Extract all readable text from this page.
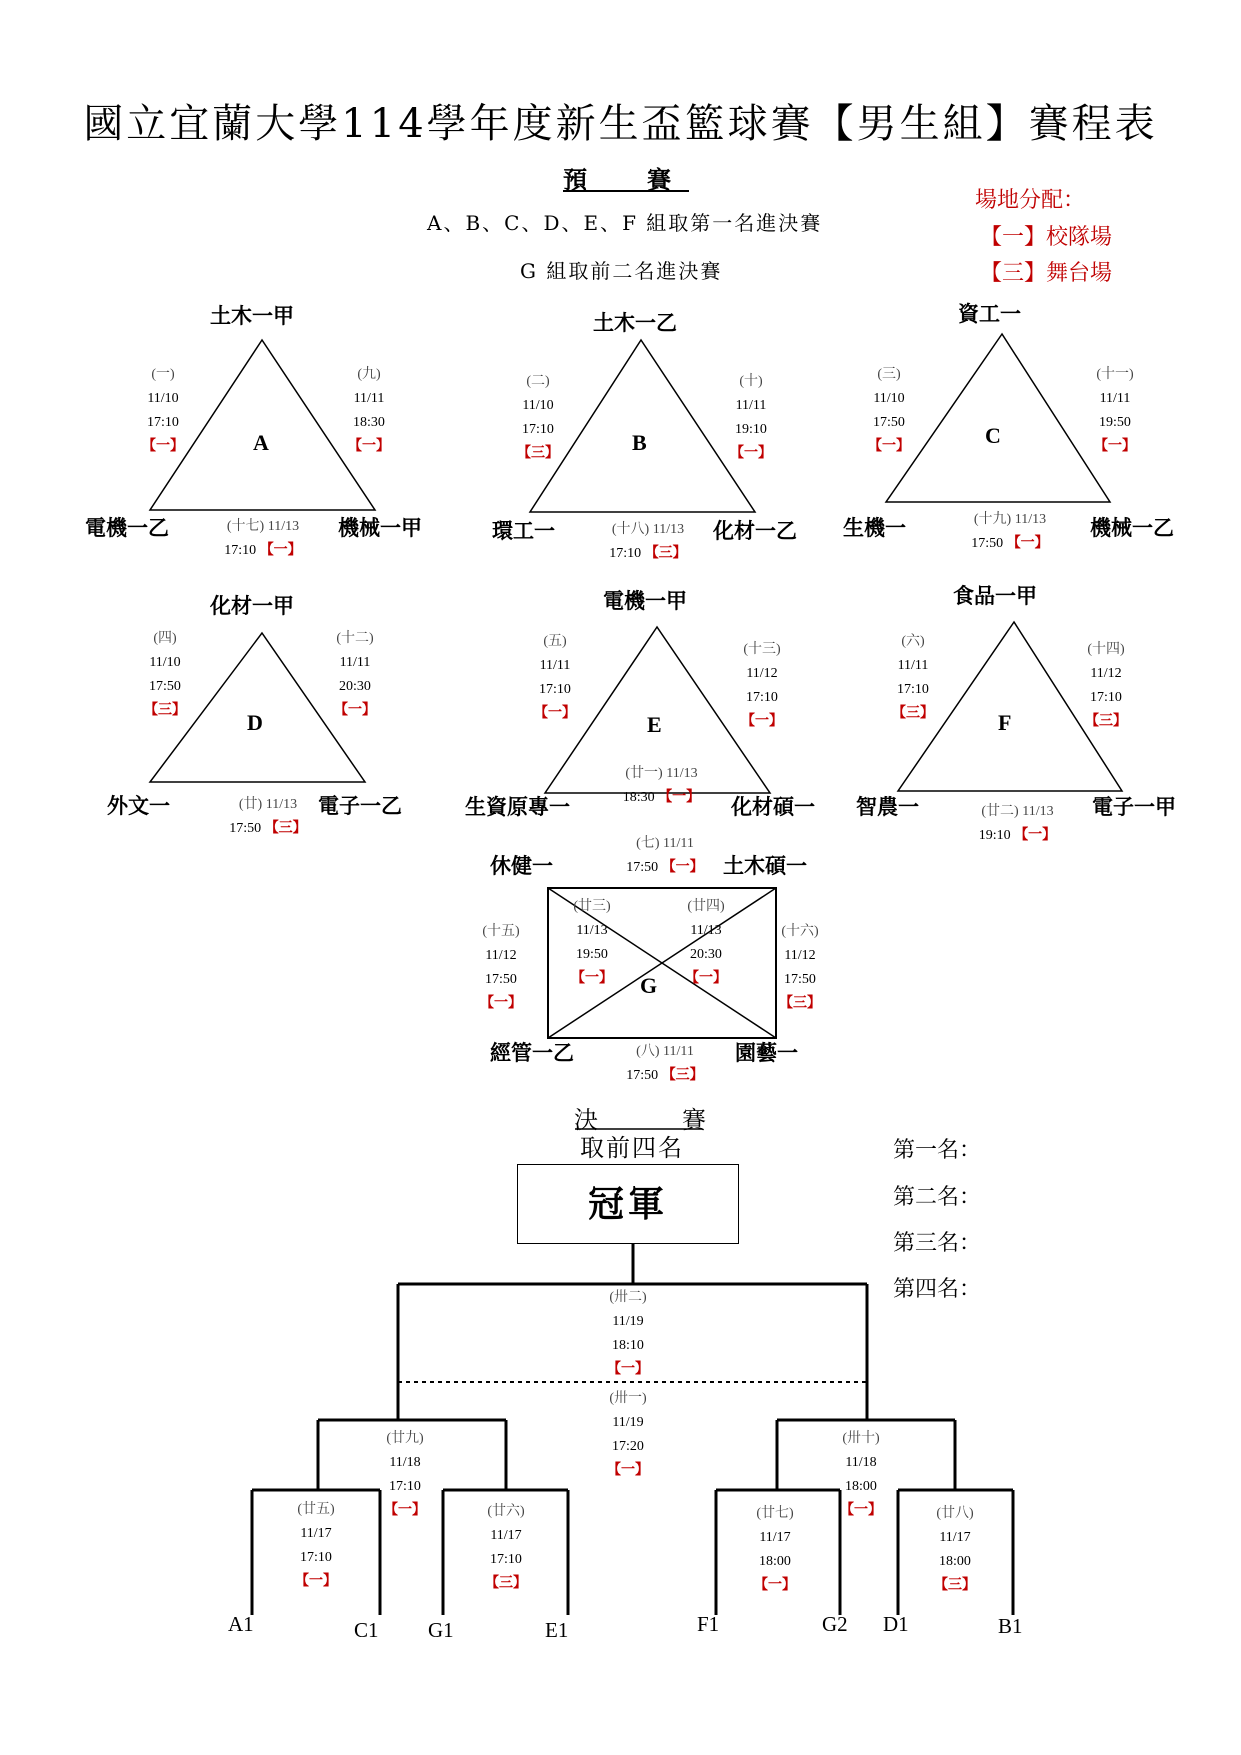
國立宜蘭大學114學年度新生盃籃球賽【男生組】賽程表
預　賽
A、B、C、D、E、F 組取第一名進決賽
G 組取前二名進決賽
場地分配：
【一】校隊場
【三】舞台場
土木一甲
電機一乙	機械一甲
A
(一)
11/10
17:10
【一】
(九)
11/11
18:30
【一】
(十七) 11/13
17:10 【一】
土木一乙
環工一	化材一乙
B
(二)
11/10
17:10
【三】
(十)
11/11
19:10
【一】
(十八) 11/13
17:10 【三】
資工一
生機一	機械一乙
C
(三)
11/10
17:50
【一】
(十一)
11/11
19:50
【一】
(十九) 11/13
17:50 【一】
化材一甲
外文一	電子一乙
D
(四)
11/10
17:50
【三】
(十二)
11/11
20:30
【一】
(廿) 11/13
17:50 【三】
電機一甲
生資原專一	化材碩一
E
(五)
11/11
17:10
【一】
(十三)
11/12
17:10
【一】
(廿一) 11/13
18:30 【一】
食品一甲
智農一	電子一甲
F
(六)
11/11
17:10
【三】
(十四)
11/12
17:10
【三】
(廿二) 11/13
19:10 【一】
休健一	土木碩一
經管一乙	園藝一
G
(七) 11/11
17:50 【一】
(八) 11/11
17:50 【三】
(十五)
11/12
17:50
【一】
(十六)
11/12
17:50
【三】
(廿三)
11/13
19:50
【一】
(廿四)
11/13
20:30
【一】
決　賽
取前四名
冠軍
第一名：
第二名：
第三名：
第四名：
(卅二)
11/19
18:10
【一】
(卅一)
11/19
17:20
【一】
(廿九)
11/18
17:10
【一】
(卅十)
11/18
18:00
【一】
(廿五)
11/17
17:10
【一】
(廿六)
11/17
17:10
【三】
(廿七)
11/17
18:00
【一】
(廿八)
11/17
18:00
【三】
A1	C1 G1	E1	F1	G2 D1	B1
